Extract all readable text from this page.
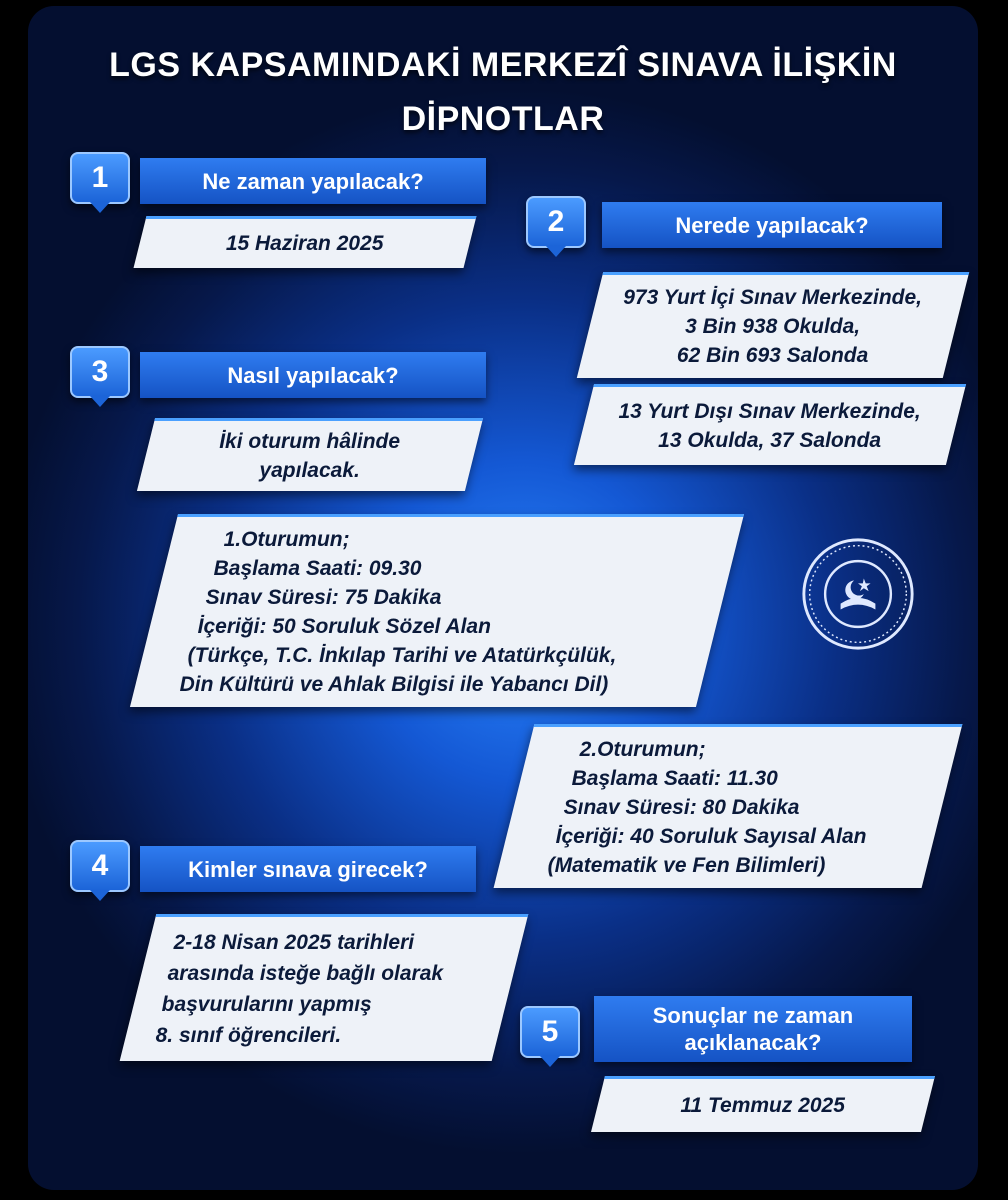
LGS KAPSAMINDAKİ MERKEZÎ SINAVA İLİŞKİN
DİPNOTLAR
Ne zaman yapılacak?
1
15 Haziran 2025
Nerede yapılacak?
2
973 Yurt İçi Sınav Merkezinde,
3 Bin 938 Okulda,
62 Bin 693 Salonda
13 Yurt Dışı Sınav Merkezinde,
13 Okulda, 37 Salonda
Nasıl yapılacak?
3
İki oturum hâlinde
yapılacak.
1.Oturumun;
Başlama Saati: 09.30
Sınav Süresi: 75 Dakika
İçeriği: 50 Soruluk Sözel Alan
(Türkçe, T.C. İnkılap Tarihi ve Atatürkçülük,
Din Kültürü ve Ahlak Bilgisi ile Yabancı Dil)
2.Oturumun;
Başlama Saati: 11.30
Sınav Süresi: 80 Dakika
İçeriği: 40 Soruluk Sayısal Alan
(Matematik ve Fen Bilimleri)
Kimler sınava girecek?
4
2-18 Nisan 2025 tarihleri
arasında isteğe bağlı olarak
başvurularını yapmış
8. sınıf öğrencileri.
Sonuçlar ne zaman
açıklanacak?
5
11 Temmuz 2025
